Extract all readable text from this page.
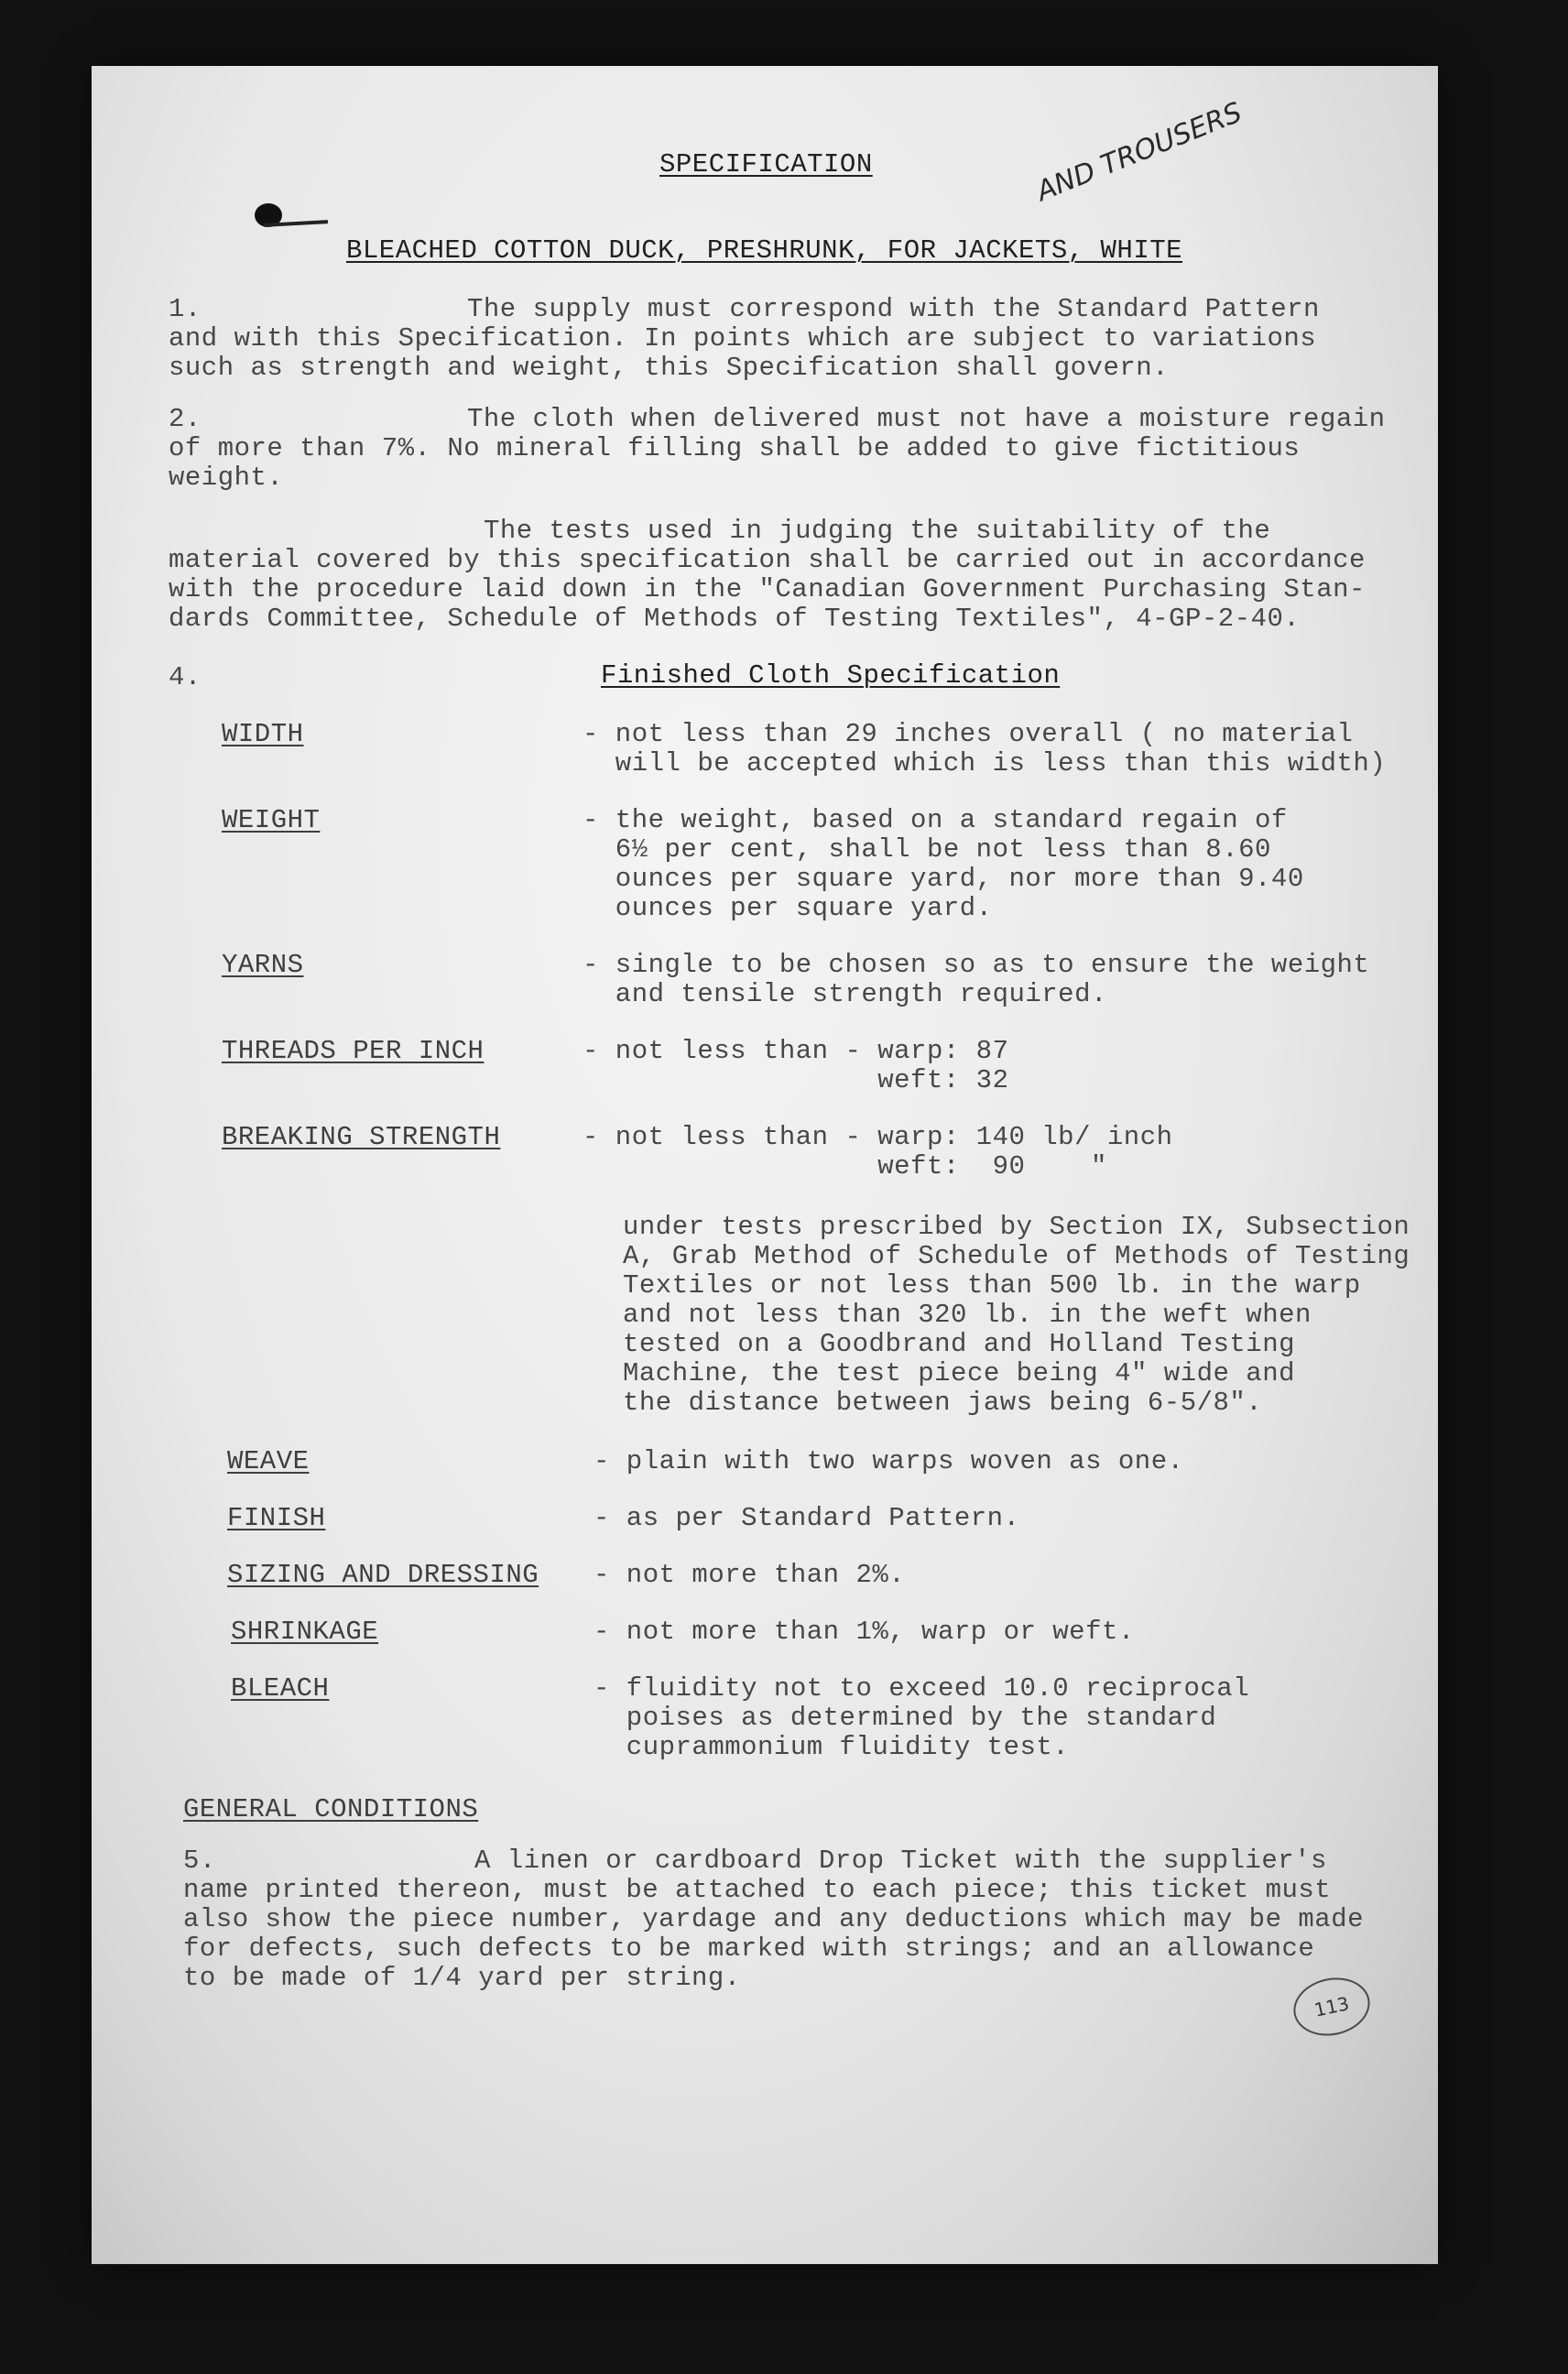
SPECIFICATION	AND TROUSERS
BLEACHED COTTON DUCK, PRESHRUNK, FOR JACKETS, WHITE
1.	The supply must correspond with the Standard Pattern
and with this Specification. In points which are subject to variations
such as strength and weight, this Specification shall govern.
2.	The cloth when delivered must not have a moisture regain
of more than 7%. No mineral filling shall be added to give fictitious
weight.
The tests used in judging the suitability of the
material covered by this specification shall be carried out in accordance
with the procedure laid down in the "Canadian Government Purchasing Stan-
dards Committee, Schedule of Methods of Testing Textiles", 4-GP-2-40.
4.	Finished Cloth Specification
WIDTH	- not less than 29 inches overall ( no material
will be accepted which is less than this width)
WEIGHT	- the weight, based on a standard regain of
6½ per cent, shall be not less than 8.60
ounces per square yard, nor more than 9.40
ounces per square yard.
YARNS	- single to be chosen so as to ensure the weight
and tensile strength required.
THREADS PER INCH	- not less than - warp: 87
weft: 32
BREAKING STRENGTH	- not less than - warp: 140 lb/ inch
weft:  90    "
under tests prescribed by Section IX, Subsection
A, Grab Method of Schedule of Methods of Testing
Textiles or not less than 500 lb. in the warp
and not less than 320 lb. in the weft when
tested on a Goodbrand and Holland Testing
Machine, the test piece being 4" wide and
the distance between jaws being 6-5/8".
WEAVE	- plain with two warps woven as one.
FINISH	- as per Standard Pattern.
SIZING AND DRESSING - not more than 2%.
SHRINKAGE	- not more than 1%, warp or weft.
BLEACH	- fluidity not to exceed 10.0 reciprocal
poises as determined by the standard
cuprammonium fluidity test.
GENERAL CONDITIONS
5.	A linen or cardboard Drop Ticket with the supplier's
name printed thereon, must be attached to each piece; this ticket must
also show the piece number, yardage and any deductions which may be made
for defects, such defects to be marked with strings; and an allowance
to be made of 1/4 yard per string.
113
